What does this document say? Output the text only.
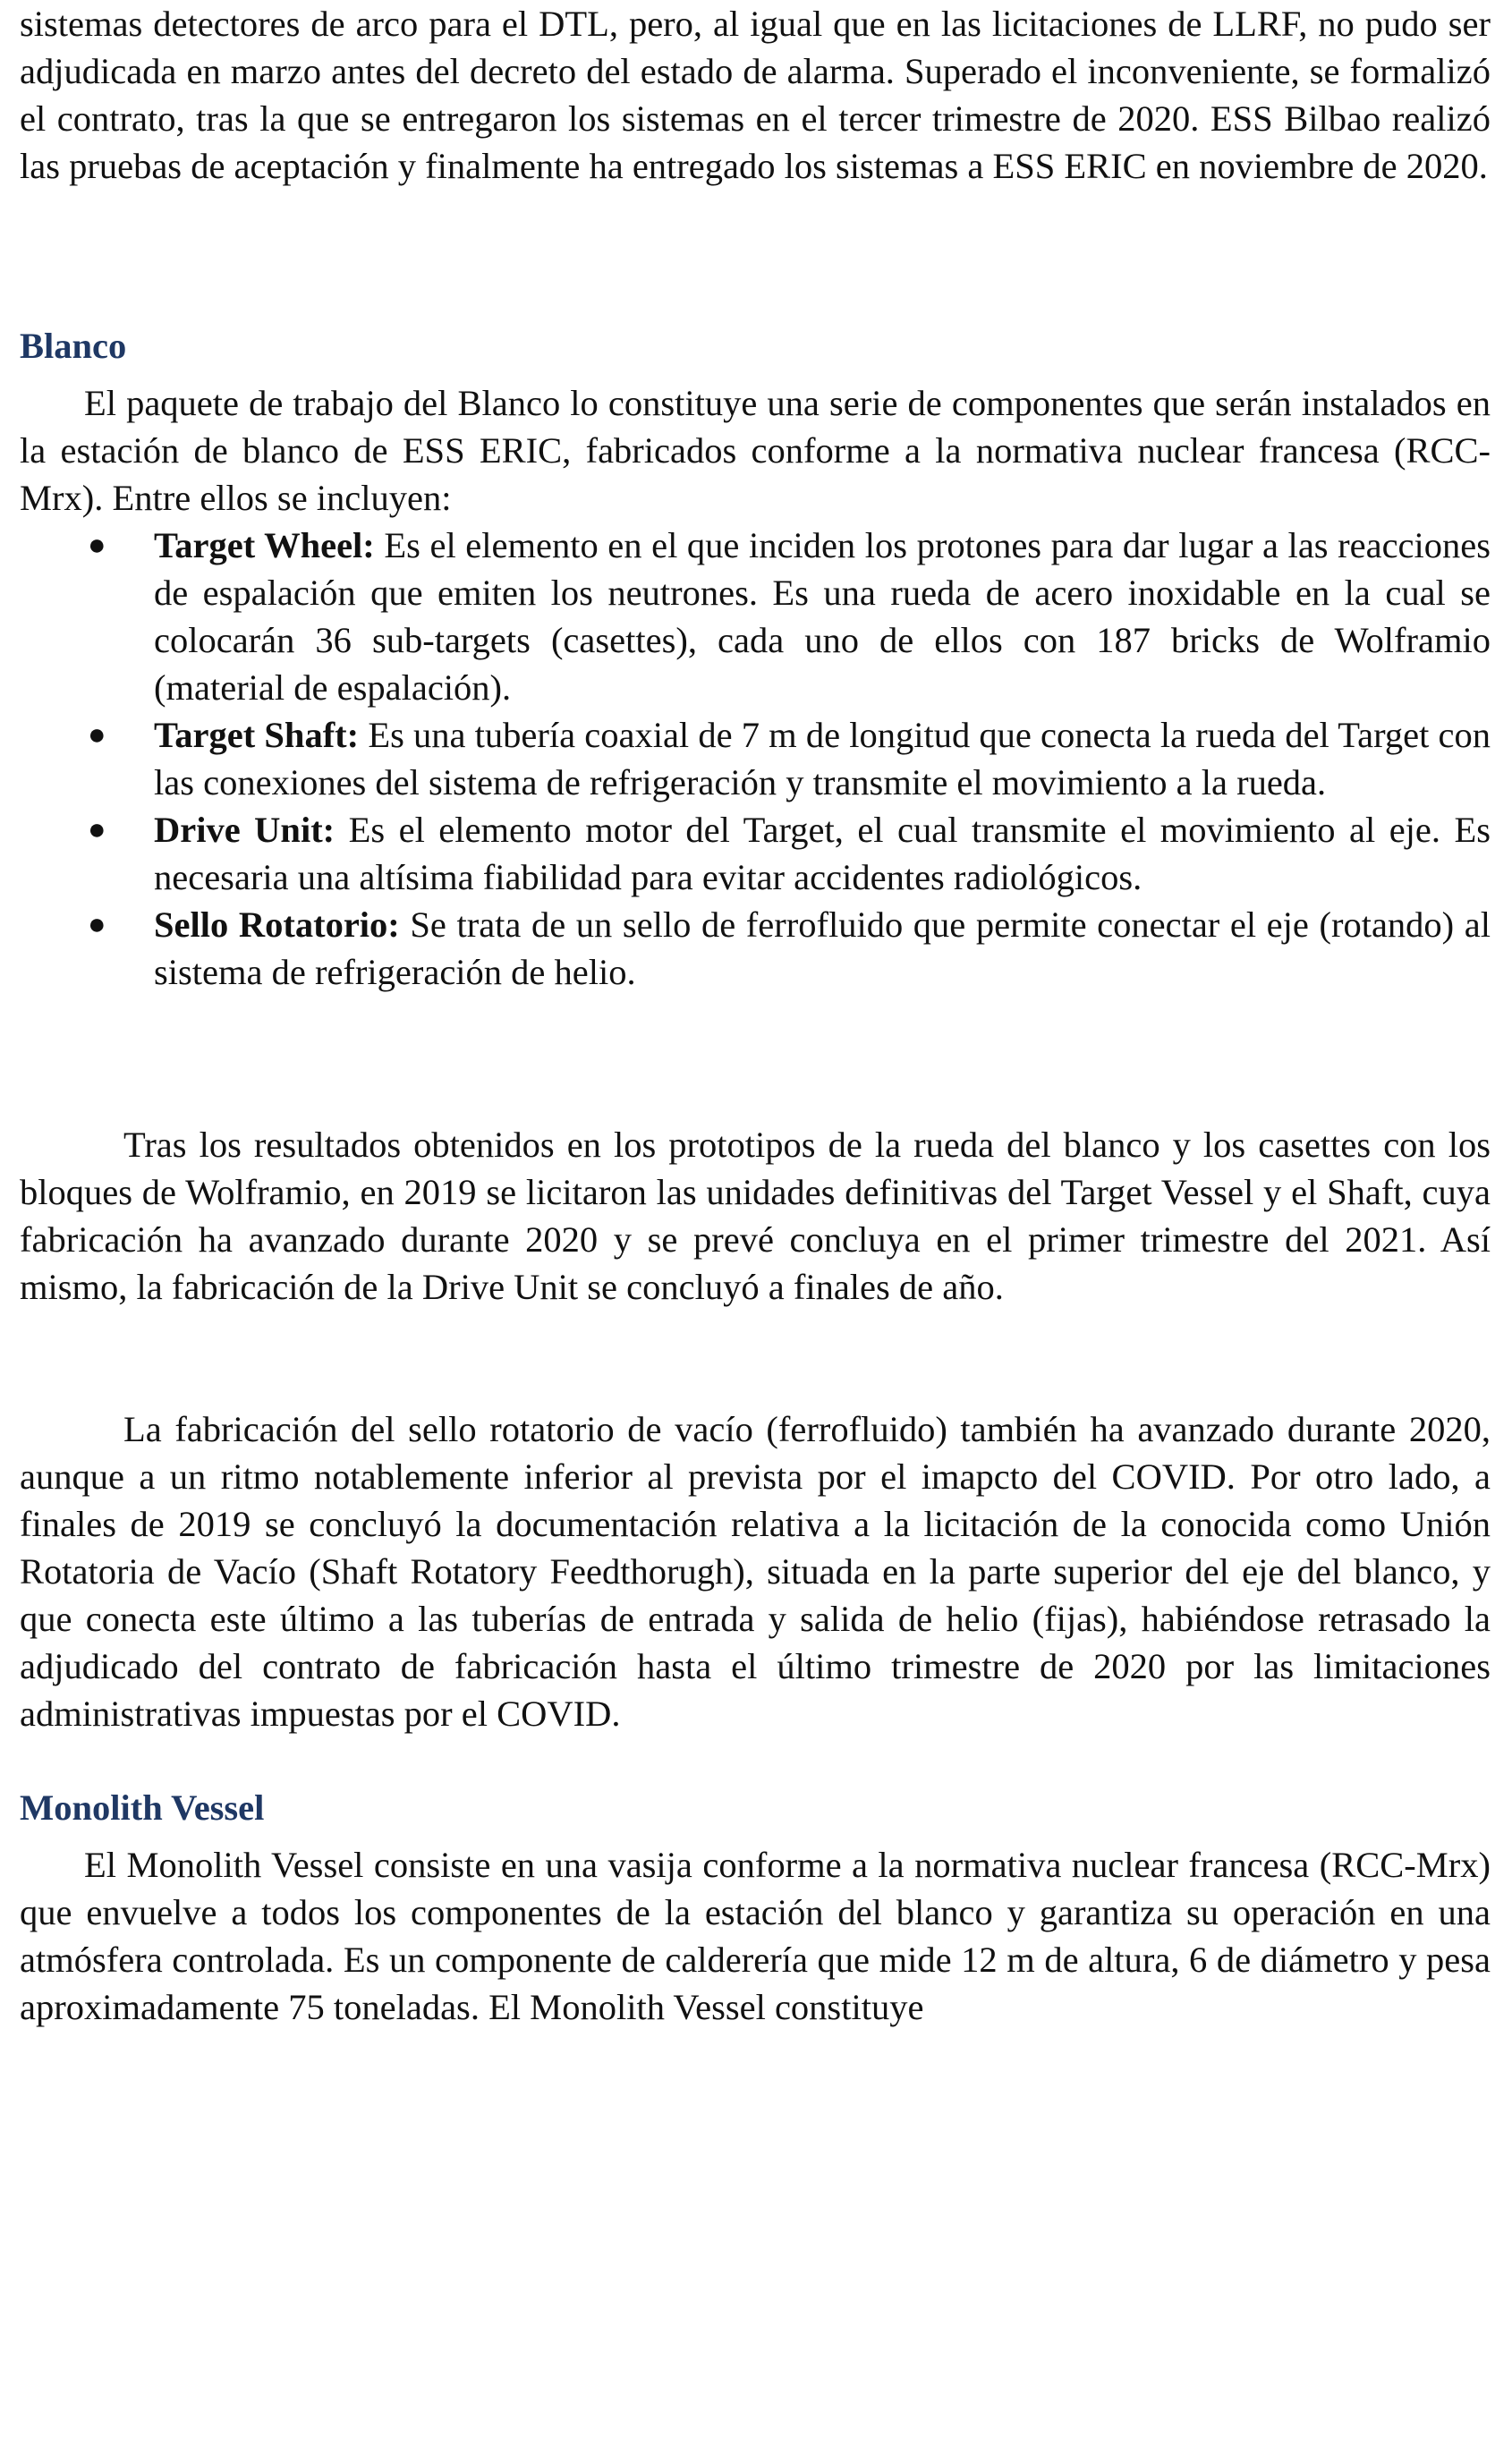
sistemas detectores de arco para el DTL, pero, al igual que en las licitaciones de LLRF, no pudo ser adjudicada en marzo antes del decreto del estado de alarma. Superado el inconveniente, se formalizó el contrato, tras la que se entregaron los sistemas en el tercer trimestre de 2020. ESS Bilbao realizó las pruebas de aceptación y finalmente ha entregado los sistemas a ESS ERIC en noviembre de 2020.

Blanco

El paquete de trabajo del Blanco lo constituye una serie de componentes que serán instalados en la estación de blanco de ESS ERIC, fabricados conforme a la normativa nuclear francesa (RCC-Mrx). Entre ellos se incluyen:

● Target Wheel: Es el elemento en el que inciden los protones para dar lugar a las reacciones de espalación que emiten los neutrones. Es una rueda de acero inoxidable en la cual se colocarán 36 sub-targets (casettes), cada uno de ellos con 187 bricks de Wolframio (material de espalación).
● Target Shaft: Es una tubería coaxial de 7 m de longitud que conecta la rueda del Target con las conexiones del sistema de refrigeración y transmite el movimiento a la rueda.
● Drive Unit: Es el elemento motor del Target, el cual transmite el movimiento al eje. Es necesaria una altísima fiabilidad para evitar accidentes radiológicos.
● Sello Rotatorio: Se trata de un sello de ferrofluido que permite conectar el eje (rotando) al sistema de refrigeración de helio.

Tras los resultados obtenidos en los prototipos de la rueda del blanco y los casettes con los bloques de Wolframio, en 2019 se licitaron las unidades definitivas del Target Vessel y el Shaft, cuya fabricación ha avanzado durante 2020 y se prevé concluya en el primer trimestre del 2021. Así mismo, la fabricación de la Drive Unit se concluyó a finales de año.

La fabricación del sello rotatorio de vacío (ferrofluido) también ha avanzado durante 2020, aunque a un ritmo notablemente inferior al prevista por el imapcto del COVID. Por otro lado, a finales de 2019 se concluyó la documentación relativa a la licitación de la conocida como Unión Rotatoria de Vacío (Shaft Rotatory Feedthorugh), situada en la parte superior del eje del blanco, y que conecta este último a las tuberías de entrada y salida de helio (fijas), habiéndose retrasado la adjudicado del contrato de fabricación hasta el último trimestre de 2020 por las limitaciones administrativas impuestas por el COVID.

Monolith Vessel

El Monolith Vessel consiste en una vasija conforme a la normativa nuclear francesa (RCC-Mrx) que envuelve a todos los componentes de la estación del blanco y garantiza su operación en una atmósfera controlada. Es un componente de calderería que mide 12 m de altura, 6 de diámetro y pesa aproximadamente 75 toneladas. El Monolith Vessel constituye
